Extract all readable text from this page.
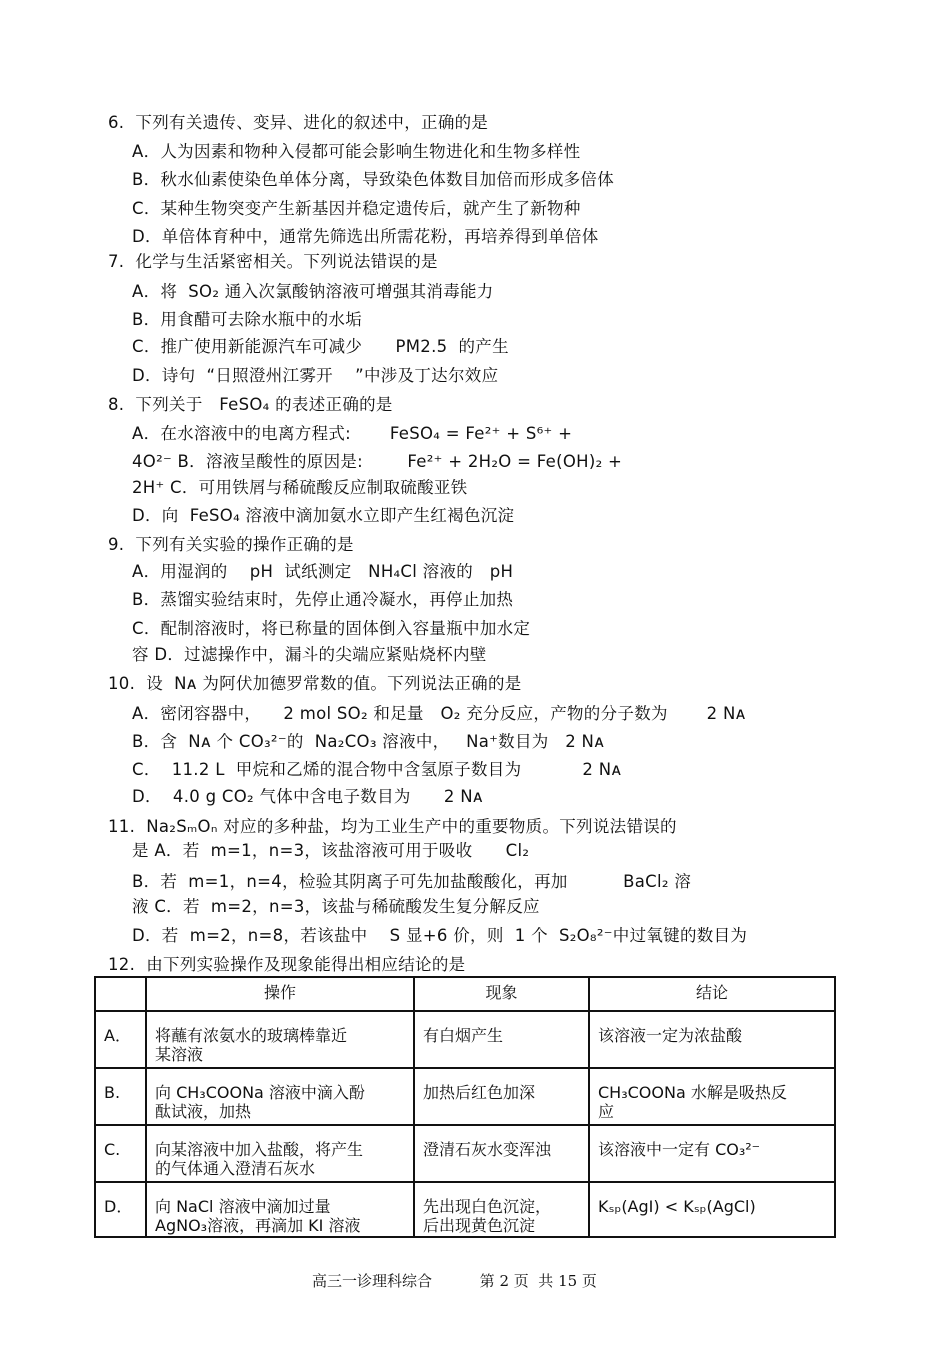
6.  下列有关遗传、变异、进化的叙述中，正确的是
A．人为因素和物种入侵都可能会影响生物进化和生物多样性
B．秋水仙素使染色单体分离，导致染色体数目加倍而形成多倍体
C．某种生物突变产生新基因并稳定遗传后，就产生了新物种
D．单倍体育种中，通常先筛选出所需花粉，再培养得到单倍体
7.  化学与生活紧密相关。下列说法错误的是
A．将  SO₂ 通入次氯酸钠溶液可增强其消毒能力
B．用食醋可去除水瓶中的水垢
C．推广使用新能源汽车可减少      PM2.5  的产生
D．诗句  “日照澄州江雾开    ”中涉及丁达尔效应
8.  下列关于   FeSO₄ 的表述正确的是
A．在水溶液中的电离方程式:       FeSO₄ = Fe²⁺ + S⁶⁺ +
4O²⁻ B．溶液呈酸性的原因是:        Fe²⁺ + 2H₂O = Fe(OH)₂ +
2H⁺ C．可用铁屑与稀硫酸反应制取硫酸亚铁
D．向  FeSO₄ 溶液中滴加氨水立即产生红褐色沉淀
9.  下列有关实验的操作正确的是
A．用湿润的    pH  试纸测定   NH₄Cl 溶液的   pH
B．蒸馏实验结束时，先停止通冷凝水，再停止加热
C．配制溶液时，将已称量的固体倒入容量瓶中加水定
容 D．过滤操作中，漏斗的尖端应紧贴烧杯内壁
10.  设  Nᴀ 为阿伏加德罗常数的值。下列说法正确的是
A．密闭容器中，    2 mol SO₂ 和足量   O₂ 充分反应，产物的分子数为       2 Nᴀ
B．含  Nᴀ 个 CO₃²⁻的  Na₂CO₃ 溶液中，   Na⁺数目为   2 Nᴀ
C．  11.2 L  甲烷和乙烯的混合物中含氢原子数目为           2 Nᴀ
D．  4.0 g CO₂ 气体中含电子数目为      2 Nᴀ
11.  Na₂SₘOₙ 对应的多种盐，均为工业生产中的重要物质。下列说法错误的
是 A．若  m=1，n=3，该盐溶液可用于吸收      Cl₂
B．若  m=1，n=4，检验其阴离子可先加盐酸酸化，再加          BaCl₂ 溶
液 C．若  m=2，n=3，该盐与稀硫酸发生复分解反应
D．若  m=2，n=8，若该盐中    S 显+6 价，则  1 个  S₂O₈²⁻中过氧键的数目为
12.  由下列实验操作及现象能得出相应结论的是
	操作	现象	结论
A．	将蘸有浓氨水的玻璃棒靠近
某溶液	有白烟产生	该溶液一定为浓盐酸
B.	向 CH₃COONa 溶液中滴入酚
酞试液，加热	加热后红色加深	CH₃COONa 水解是吸热反
应
C.	向某溶液中加入盐酸，将产生
的气体通入澄清石灰水	澄清石灰水变浑浊	该溶液中一定有 CO₃²⁻
D．	向 NaCl 溶液中滴加过量
AgNO₃溶液，再滴加 KI 溶液	先出现白色沉淀，
后出现黄色沉淀	Kₛₚ(AgI) < Kₛₚ(AgCl)

高三一诊理科综合          第 2 页  共 15 页
